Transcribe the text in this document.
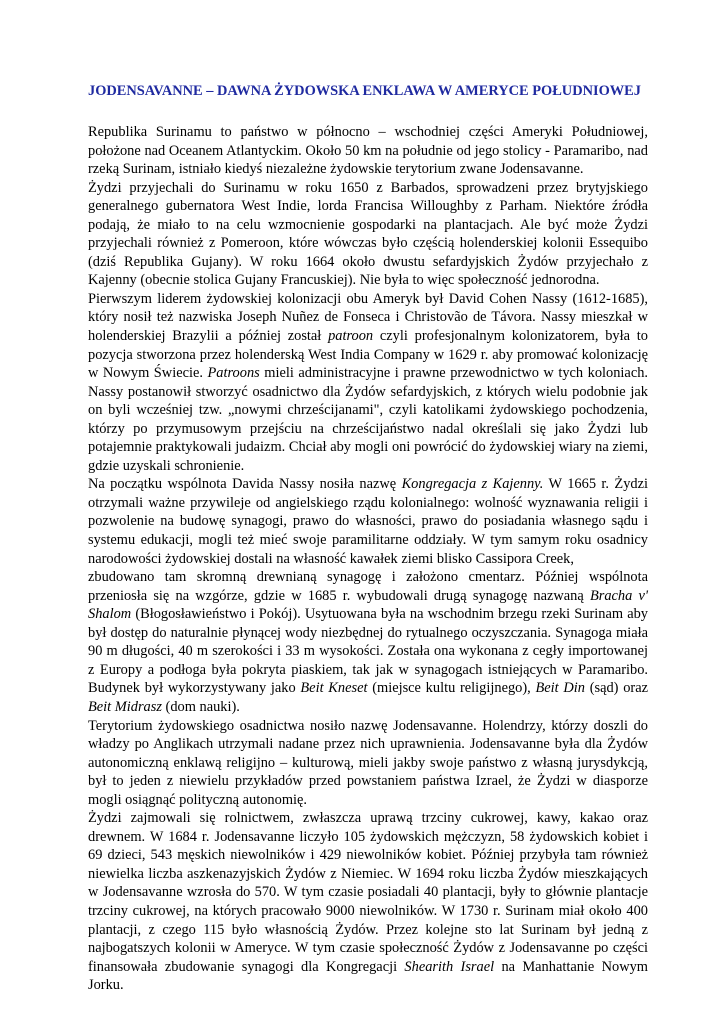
JODENSAVANNE – DAWNA ŻYDOWSKA ENKLAWA W AMERYCE POŁUDNIOWEJ

Republika Surinamu to państwo w północno – wschodniej części Ameryki Południowej, położone nad Oceanem Atlantyckim. Około 50 km na południe od jego stolicy - Paramaribo, nad rzeką Surinam, istniało kiedyś niezależne żydowskie terytorium zwane Jodensavanne.

Żydzi przyjechali do Surinamu w roku 1650 z Barbados, sprowadzeni przez brytyjskiego generalnego gubernatora West Indie, lorda Francisa Willoughby z Parham. Niektóre źródła podają, że miało to na celu wzmocnienie gospodarki na plantacjach. Ale być może Żydzi przyjechali również z Pomeroon, które wówczas było częścią holenderskiej kolonii Essequibo (dziś Republika Gujany). W roku 1664 około dwustu sefardyjskich Żydów przyjechało z Kajenny (obecnie stolica Gujany Francuskiej). Nie była to więc społeczność jednorodna.

Pierwszym liderem żydowskiej kolonizacji obu Ameryk był David Cohen Nassy (1612-1685), który nosił też nazwiska Joseph Nuñez de Fonseca i Christovão de Távora. Nassy mieszkał w holenderskiej Brazylii a później został patroon czyli profesjonalnym kolonizatorem, była to pozycja stworzona przez holenderską West India Company w 1629 r. aby promować kolonizację w Nowym Świecie. Patroons mieli administracyjne i prawne przewodnictwo w tych koloniach. Nassy postanowił stworzyć osadnictwo dla Żydów sefardyjskich, z których wielu podobnie jak on byli wcześniej tzw. „nowymi chrześcijanami", czyli katolikami żydowskiego pochodzenia, którzy po przymusowym przejściu na chrześcijaństwo nadal określali się jako Żydzi lub potajemnie praktykowali judaizm. Chciał aby mogli oni powrócić do żydowskiej wiary na ziemi, gdzie uzyskali schronienie.

Na początku wspólnota Davida Nassy nosiła nazwę Kongregacja z Kajenny. W 1665 r. Żydzi otrzymali ważne przywileje od angielskiego rządu kolonialnego: wolność wyznawania religii i pozwolenie na budowę synagogi, prawo do własności, prawo do posiadania własnego sądu i systemu edukacji, mogli też mieć swoje paramilitarne oddziały. W tym samym roku osadnicy narodowości żydowskiej dostali na własność kawałek ziemi blisko Cassipora Creek,

zbudowano tam skromną drewnianą synagogę i założono cmentarz. Później wspólnota przeniosła się na wzgórze, gdzie w 1685 r. wybudowali drugą synagogę nazwaną Bracha v' Shalom (Błogosławieństwo i Pokój). Usytuowana była na wschodnim brzegu rzeki Surinam aby był dostęp do naturalnie płynącej wody niezbędnej do rytualnego oczyszczania. Synagoga miała 90 m długości, 40 m szerokości i 33 m wysokości. Została ona wykonana z cegły importowanej z Europy a podłoga była pokryta piaskiem, tak jak w synagogach istniejących w Paramaribo. Budynek był wykorzystywany jako Beit Kneset (miejsce kultu religijnego), Beit Din (sąd) oraz Beit Midrasz (dom nauki).

Terytorium żydowskiego osadnictwa nosiło nazwę Jodensavanne. Holendrzy, którzy doszli do władzy po Anglikach utrzymali nadane przez nich uprawnienia. Jodensavanne była dla Żydów autonomiczną enklawą religijno – kulturową, mieli jakby swoje państwo z własną jurysdykcją, był to jeden z niewielu przykładów przed powstaniem państwa Izrael, że Żydzi w diasporze mogli osiągnąć polityczną autonomię.

Żydzi zajmowali się rolnictwem, zwłaszcza uprawą trzciny cukrowej, kawy, kakao oraz drewnem. W 1684 r. Jodensavanne liczyło 105 żydowskich mężczyzn, 58 żydowskich kobiet i 69 dzieci, 543 męskich niewolników i 429 niewolników kobiet. Później przybyła tam również niewielka liczba aszkenazyjskich Żydów z Niemiec. W 1694 roku liczba Żydów mieszkających w Jodensavanne wzrosła do 570. W tym czasie posiadali 40 plantacji, były to głównie plantacje trzciny cukrowej, na których pracowało 9000 niewolników. W 1730 r. Surinam miał około 400 plantacji, z czego 115 było własnością Żydów. Przez kolejne sto lat Surinam był jedną z najbogatszych kolonii w Ameryce. W tym czasie społeczność Żydów z Jodensavanne po części finansowała zbudowanie synagogi dla Kongregacji Shearith Israel na Manhattanie Nowym Jorku.
